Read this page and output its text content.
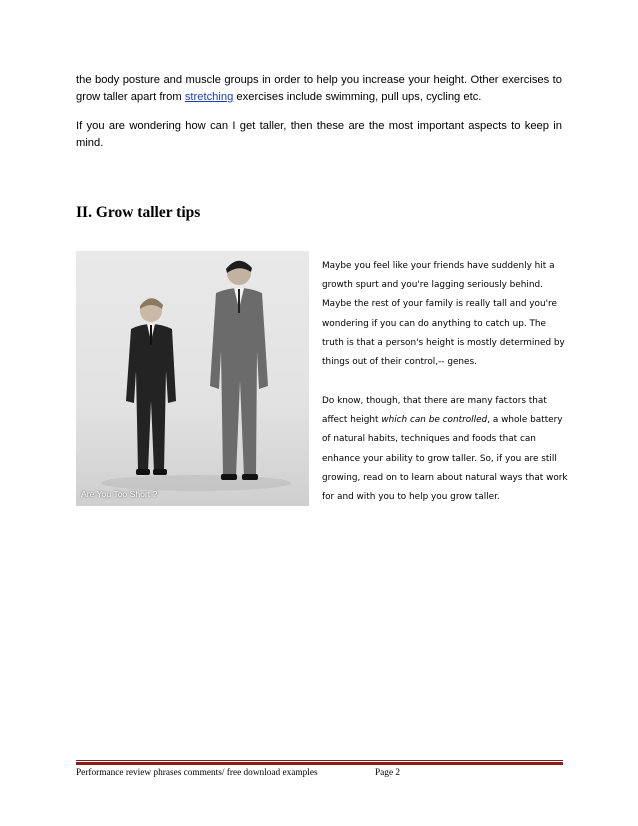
the body posture and muscle groups in order to help you increase your height. Other exercises to grow taller apart from stretching exercises include swimming, pull ups, cycling etc.

If you are wondering how can I get taller, then these are the most important aspects to keep in mind.

II. Grow taller tips
Are You Too Short ?

Maybe you feel like your friends have suddenly hit a growth spurt and you're lagging seriously behind. Maybe the rest of your family is really tall and you're wondering if you can do anything to catch up. The truth is that a person's height is mostly determined by things out of their control,-- genes.

Do know, though, that there are many factors that affect height which can be controlled, a whole battery of natural habits, techniques and foods that can enhance your ability to grow taller. So, if you are still growing, read on to learn about natural ways that work for and with you to help you grow taller.

Performance review phrases comments/ free download examples	Page 2
